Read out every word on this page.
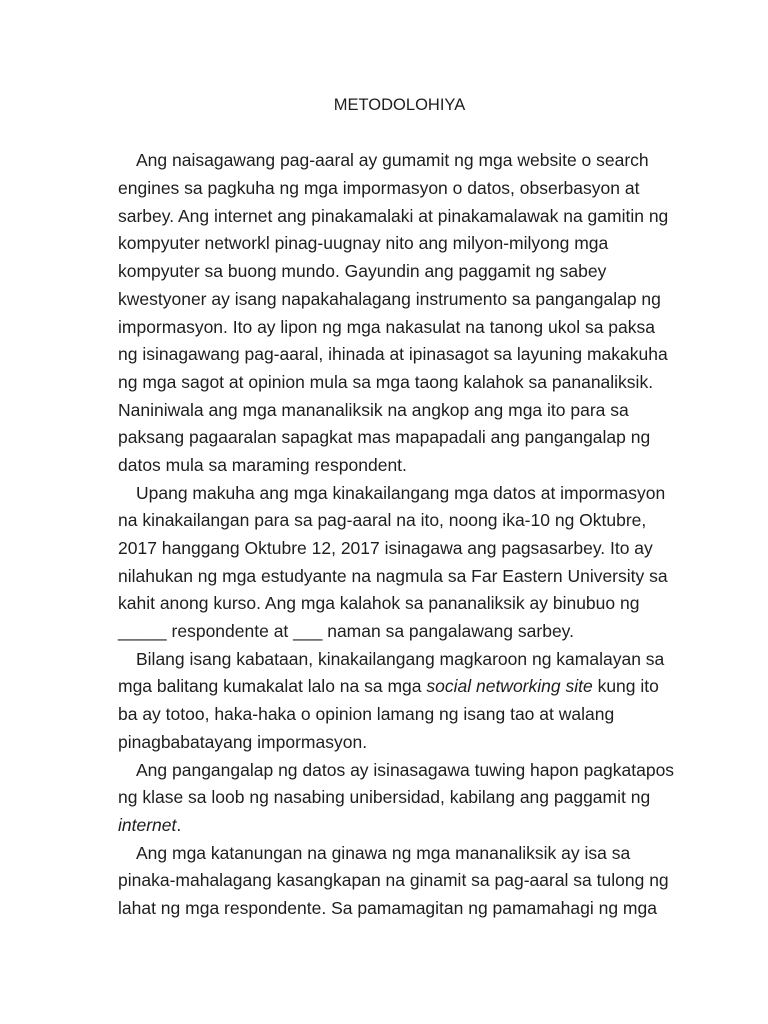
METODOLOHIYA
Ang naisagawang pag-aaral ay gumamit ng mga website o search
engines sa pagkuha ng mga impormasyon o datos, obserbasyon at
sarbey. Ang internet ang pinakamalaki at pinakamalawak na gamitin ng
kompyuter networkl pinag-uugnay nito ang milyon-milyong mga
kompyuter sa buong mundo. Gayundin ang paggamit ng sabey
kwestyoner ay isang napakahalagang instrumento sa pangangalap ng
impormasyon. Ito ay lipon ng mga nakasulat na tanong ukol sa paksa
ng isinagawang pag-aaral, ihinada at ipinasagot sa layuning makakuha
ng mga sagot at opinion mula sa mga taong kalahok sa pananaliksik.
Naniniwala ang mga mananaliksik na angkop ang mga ito para sa
paksang pagaaralan sapagkat mas mapapadali ang pangangalap ng
datos mula sa maraming respondent.
Upang makuha ang mga kinakailangang mga datos at impormasyon
na kinakailangan para sa pag-aaral na ito, noong ika-10 ng Oktubre,
2017 hanggang Oktubre 12, 2017 isinagawa ang pagsasarbey. Ito ay
nilahukan ng mga estudyante na nagmula sa Far Eastern University sa
kahit anong kurso. Ang mga kalahok sa pananaliksik ay binubuo ng
_____ respondente at ___ naman sa pangalawang sarbey.
Bilang isang kabataan, kinakailangang magkaroon ng kamalayan sa
mga balitang kumakalat lalo na sa mga social networking site kung ito
ba ay totoo, haka-haka o opinion lamang ng isang tao at walang
pinagbabatayang impormasyon.
Ang pangangalap ng datos ay isinasagawa tuwing hapon pagkatapos
ng klase sa loob ng nasabing unibersidad, kabilang ang paggamit ng
internet.
Ang mga katanungan na ginawa ng mga mananaliksik ay isa sa
pinaka-mahalagang kasangkapan na ginamit sa pag-aaral sa tulong ng
lahat ng mga respondente. Sa pamamagitan ng pamamahagi ng mga
